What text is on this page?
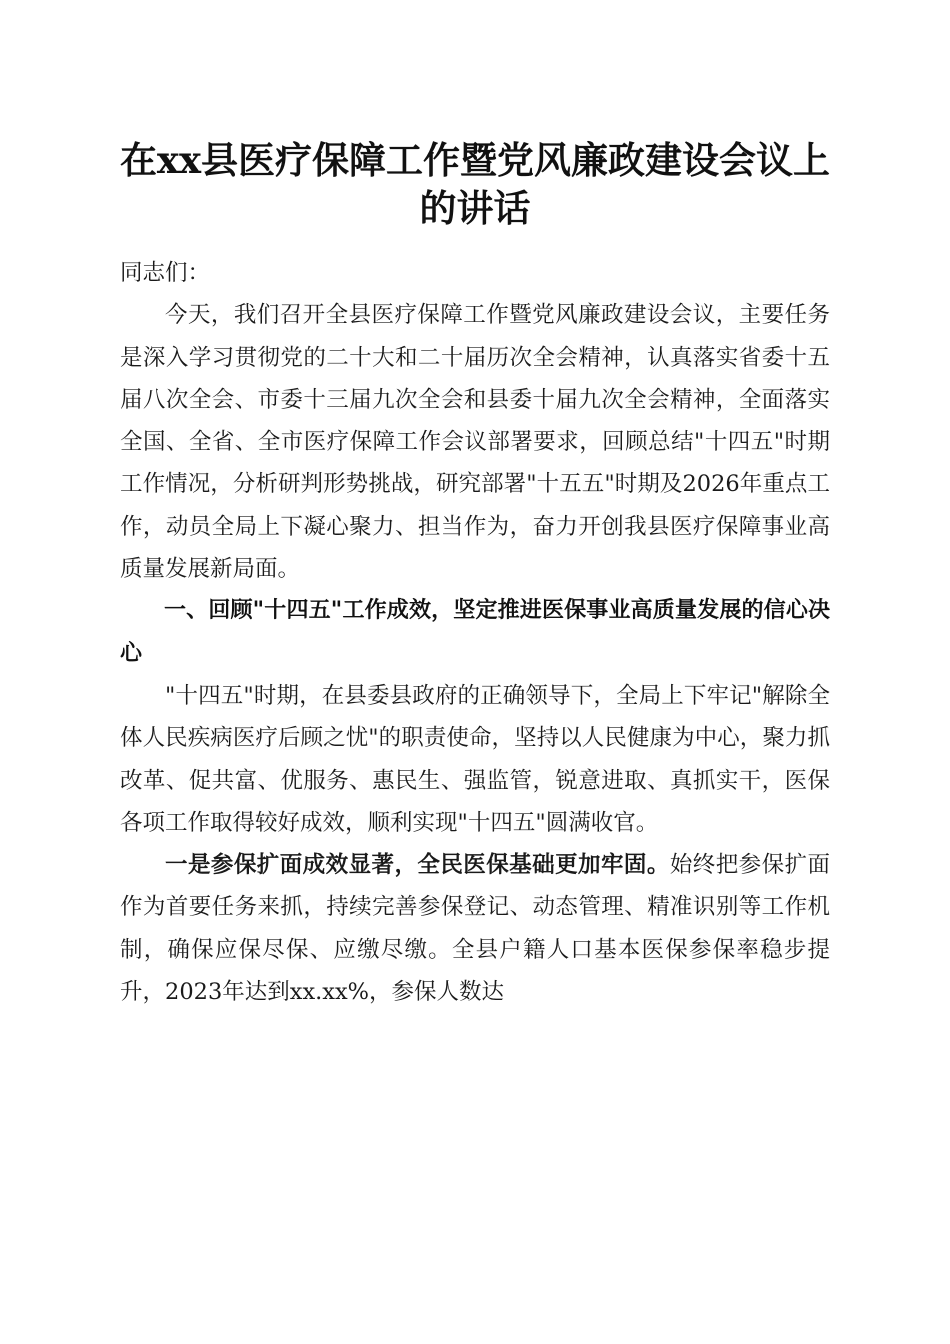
在xx县医疗保障工作暨党风廉政建设会议上
的讲话

同志们：

今天，我们召开全县医疗保障工作暨党风廉政建设会议，主要任务是深入学习贯彻党的二十大和二十届历次全会精神，认真落实省委十五届八次全会、市委十三届九次全会和县委十届九次全会精神，全面落实全国、全省、全市医疗保障工作会议部署要求，回顾总结"十四五"时期工作情况，分析研判形势挑战，研究部署"十五五"时期及2026年重点工作，动员全局上下凝心聚力、担当作为，奋力开创我县医疗保障事业高质量发展新局面。

一、回顾"十四五"工作成效，坚定推进医保事业高质量发展的信心决心

"十四五"时期，在县委县政府的正确领导下，全局上下牢记"解除全体人民疾病医疗后顾之忧"的职责使命，坚持以人民健康为中心，聚力抓改革、促共富、优服务、惠民生、强监管，锐意进取、真抓实干，医保各项工作取得较好成效，顺利实现"十四五"圆满收官。

一是参保扩面成效显著，全民医保基础更加牢固。始终把参保扩面作为首要任务来抓，持续完善参保登记、动态管理、精准识别等工作机制，确保应保尽保、应缴尽缴。全县户籍人口基本医保参保率稳步提升，2023年达到xx.xx%，参保人数达
